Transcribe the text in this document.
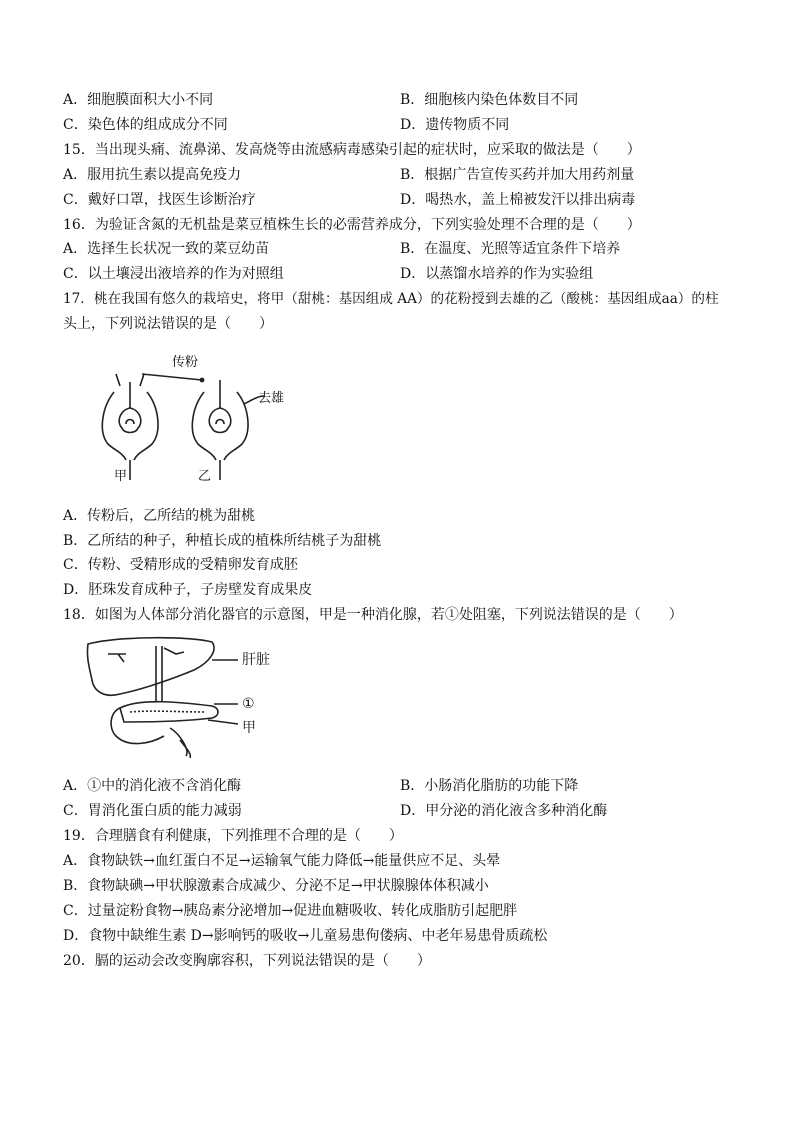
A．细胞膜面积大小不同	B．细胞核内染色体数目不同
C．染色体的组成成分不同	D．遗传物质不同
15．当出现头痛、流鼻涕、发高烧等由流感病毒感染引起的症状时，应采取的做法是（　　）
A．服用抗生素以提高免疫力	B．根据广告宣传买药并加大用药剂量
C．戴好口罩，找医生诊断治疗	D．喝热水，盖上棉被发汗以排出病毒
16．为验证含氮的无机盐是菜豆植株生长的必需营养成分，下列实验处理不合理的是（　　）
A．选择生长状况一致的菜豆幼苗	B．在温度、光照等适宜条件下培养
C．以土壤浸出液培养的作为对照组	D．以蒸馏水培养的作为实验组
17．桃在我国有悠久的栽培史，将甲（甜桃：基因组成 AA）的花粉授到去雄的乙（酸桃：基因组成aa）的柱
头上，下列说法错误的是（　　）
传粉
去雄
甲	乙
A．传粉后，乙所结的桃为甜桃
B．乙所结的种子，种植长成的植株所结桃子为甜桃
C．传粉、受精形成的受精卵发育成胚
D．胚珠发育成种子，子房壁发育成果皮
18．如图为人体部分消化器官的示意图，甲是一种消化腺，若①处阻塞，下列说法错误的是（　　）
肝脏
①
甲
A．①中的消化液不含消化酶	B．小肠消化脂肪的功能下降
C．胃消化蛋白质的能力减弱	D．甲分泌的消化液含多种消化酶
19．合理膳食有利健康，下列推理不合理的是（　　）
A．食物缺铁→血红蛋白不足→运输氧气能力降低→能量供应不足、头晕
B．食物缺碘→甲状腺激素合成减少、分泌不足→甲状腺腺体体积减小
C．过量淀粉食物→胰岛素分泌增加→促进血糖吸收、转化成脂肪引起肥胖
D．食物中缺维生素 D→影响钙的吸收→儿童易患佝偻病、中老年易患骨质疏松
20．膈的运动会改变胸廓容积，下列说法错误的是（　　）
